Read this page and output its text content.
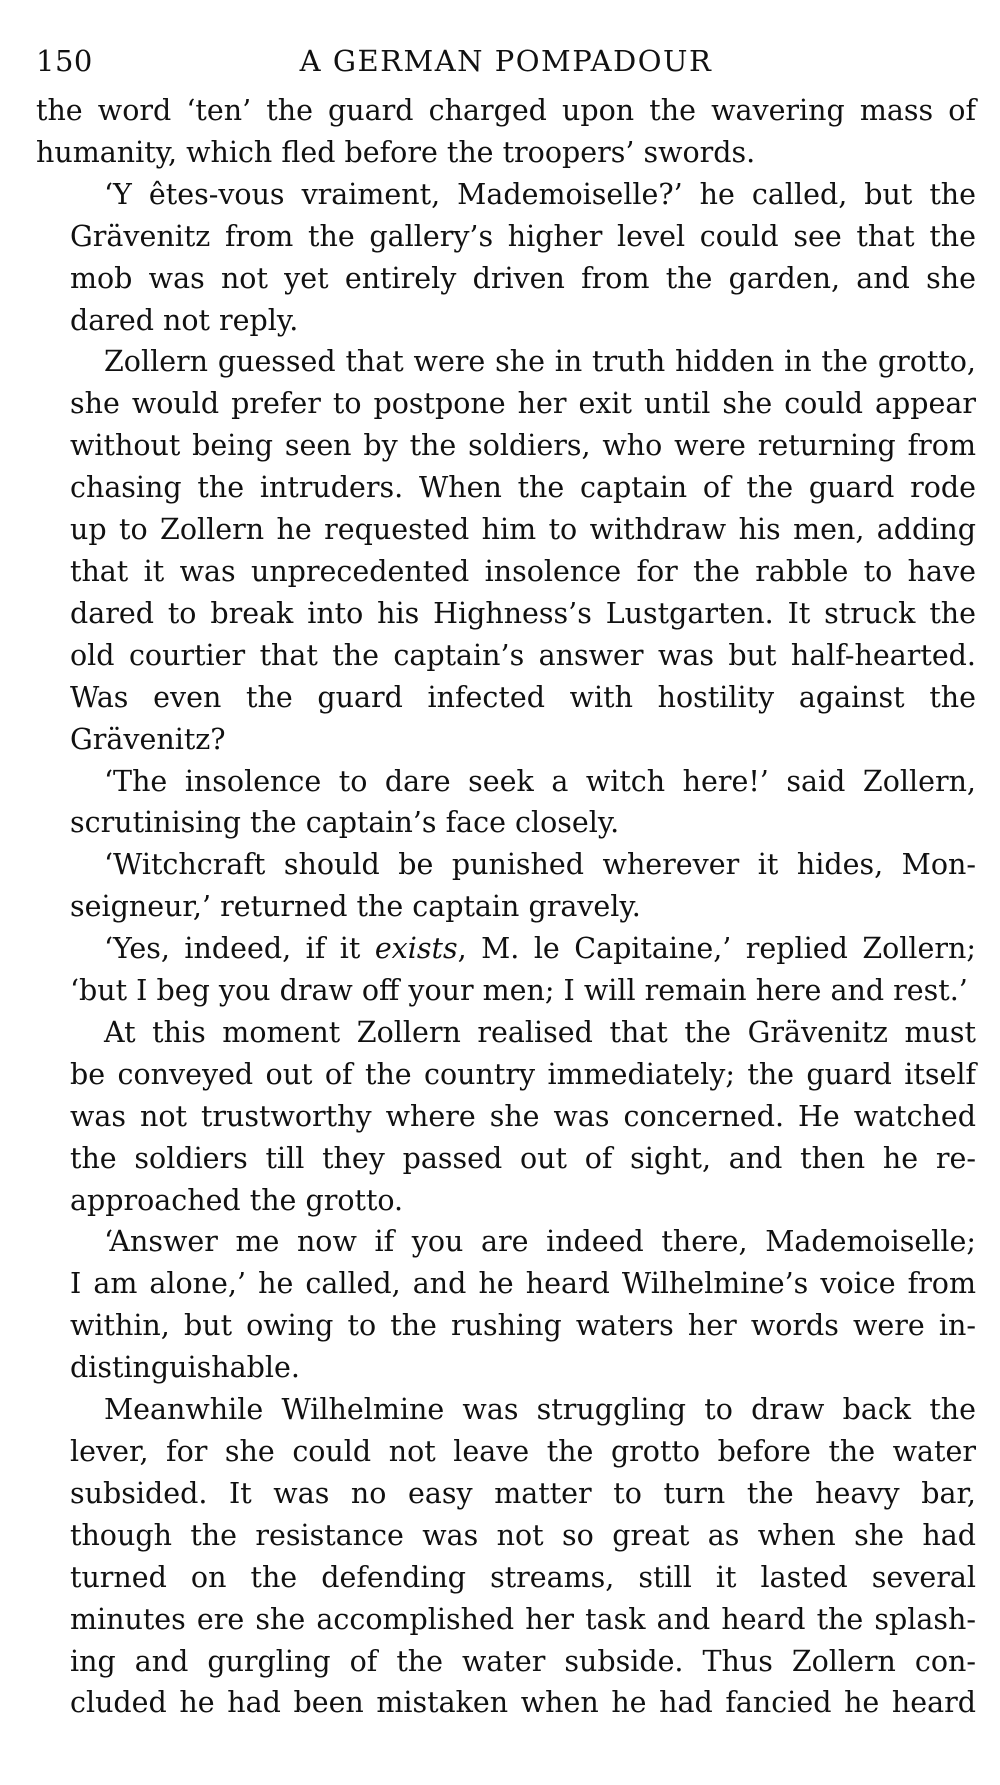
150	A GERMAN POMPADOUR

the word ‘ten’ the guard charged upon the wavering mass of
humanity, which fled before the troopers’ swords.

‘Y êtes-vous vraiment, Mademoiselle?’ he called, but the
Grävenitz from the gallery’s higher level could see that the
mob was not yet entirely driven from the garden, and she
dared not reply.

Zollern guessed that were she in truth hidden in the grotto,
she would prefer to postpone her exit until she could appear
without being seen by the soldiers, who were returning from
chasing the intruders. When the captain of the guard rode
up to Zollern he requested him to withdraw his men, adding
that it was unprecedented insolence for the rabble to have
dared to break into his Highness’s Lustgarten. It struck the
old courtier that the captain’s answer was but half-hearted.
Was even the guard infected with hostility against the
Grävenitz?

‘The insolence to dare seek a witch here!’ said Zollern,
scrutinising the captain’s face closely.

‘Witchcraft should be punished wherever it hides, Mon-
seigneur,’ returned the captain gravely.

‘Yes, indeed, if it exists, M. le Capitaine,’ replied Zollern;
‘but I beg you draw off your men; I will remain here and rest.’

At this moment Zollern realised that the Grävenitz must
be conveyed out of the country immediately; the guard itself
was not trustworthy where she was concerned. He watched
the soldiers till they passed out of sight, and then he re-
approached the grotto.

‘Answer me now if you are indeed there, Mademoiselle;
I am alone,’ he called, and he heard Wilhelmine’s voice from
within, but owing to the rushing waters her words were in-
distinguishable.

Meanwhile Wilhelmine was struggling to draw back the
lever, for she could not leave the grotto before the water
subsided. It was no easy matter to turn the heavy bar,
though the resistance was not so great as when she had
turned on the defending streams, still it lasted several
minutes ere she accomplished her task and heard the splash-
ing and gurgling of the water subside. Thus Zollern con-
cluded he had been mistaken when he had fancied he heard
